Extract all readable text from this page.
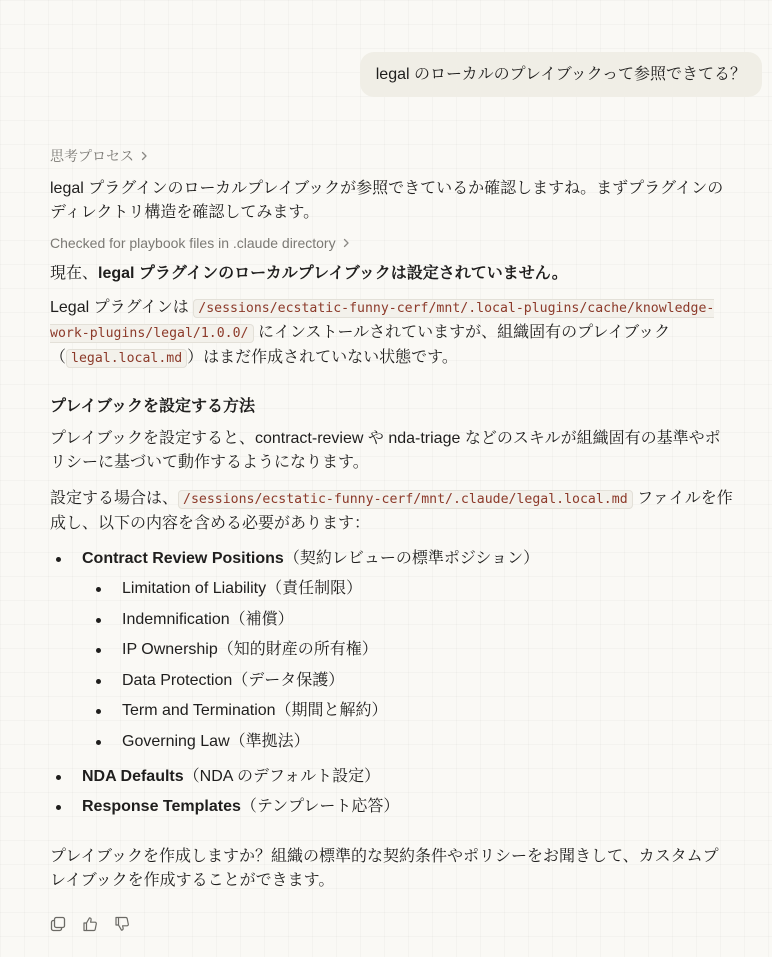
legal のローカルのプレイブックって参照できてる？
思考プロセス

legal プラグインのローカルプレイブックが参照できているか確認しますね。まずプラグインのディレクトリ構造を確認してみます。

Checked for playbook files in .claude directory

現在、legal プラグインのローカルプレイブックは設定されていません。

Legal プラグインは /sessions/ecstatic-funny-cerf/mnt/.local-plugins/cache/knowledge-work-plugins/legal/1.0.0/ にインストールされていますが、組織固有のプレイブック（ legal.local.md ）はまだ作成されていない状態です。

プレイブックを設定する方法

プレイブックを設定すると、contract-review や nda-triage などのスキルが組織固有の基準やポリシーに基づいて動作するようになります。

設定する場合は、 /sessions/ecstatic-funny-cerf/mnt/.claude/legal.local.md ファイルを作成し、以下の内容を含める必要があります：

Contract Review Positions（契約レビューの標準ポジション）
Limitation of Liability（責任制限）
Indemnification（補償）
IP Ownership（知的財産の所有権）
Data Protection（データ保護）
Term and Termination（期間と解約）
Governing Law（準拠法）
NDA Defaults（NDA のデフォルト設定）
Response Templates（テンプレート応答）

プレイブックを作成しますか？組織の標準的な契約条件やポリシーをお聞きして、カスタムプレイブックを作成することができます。
